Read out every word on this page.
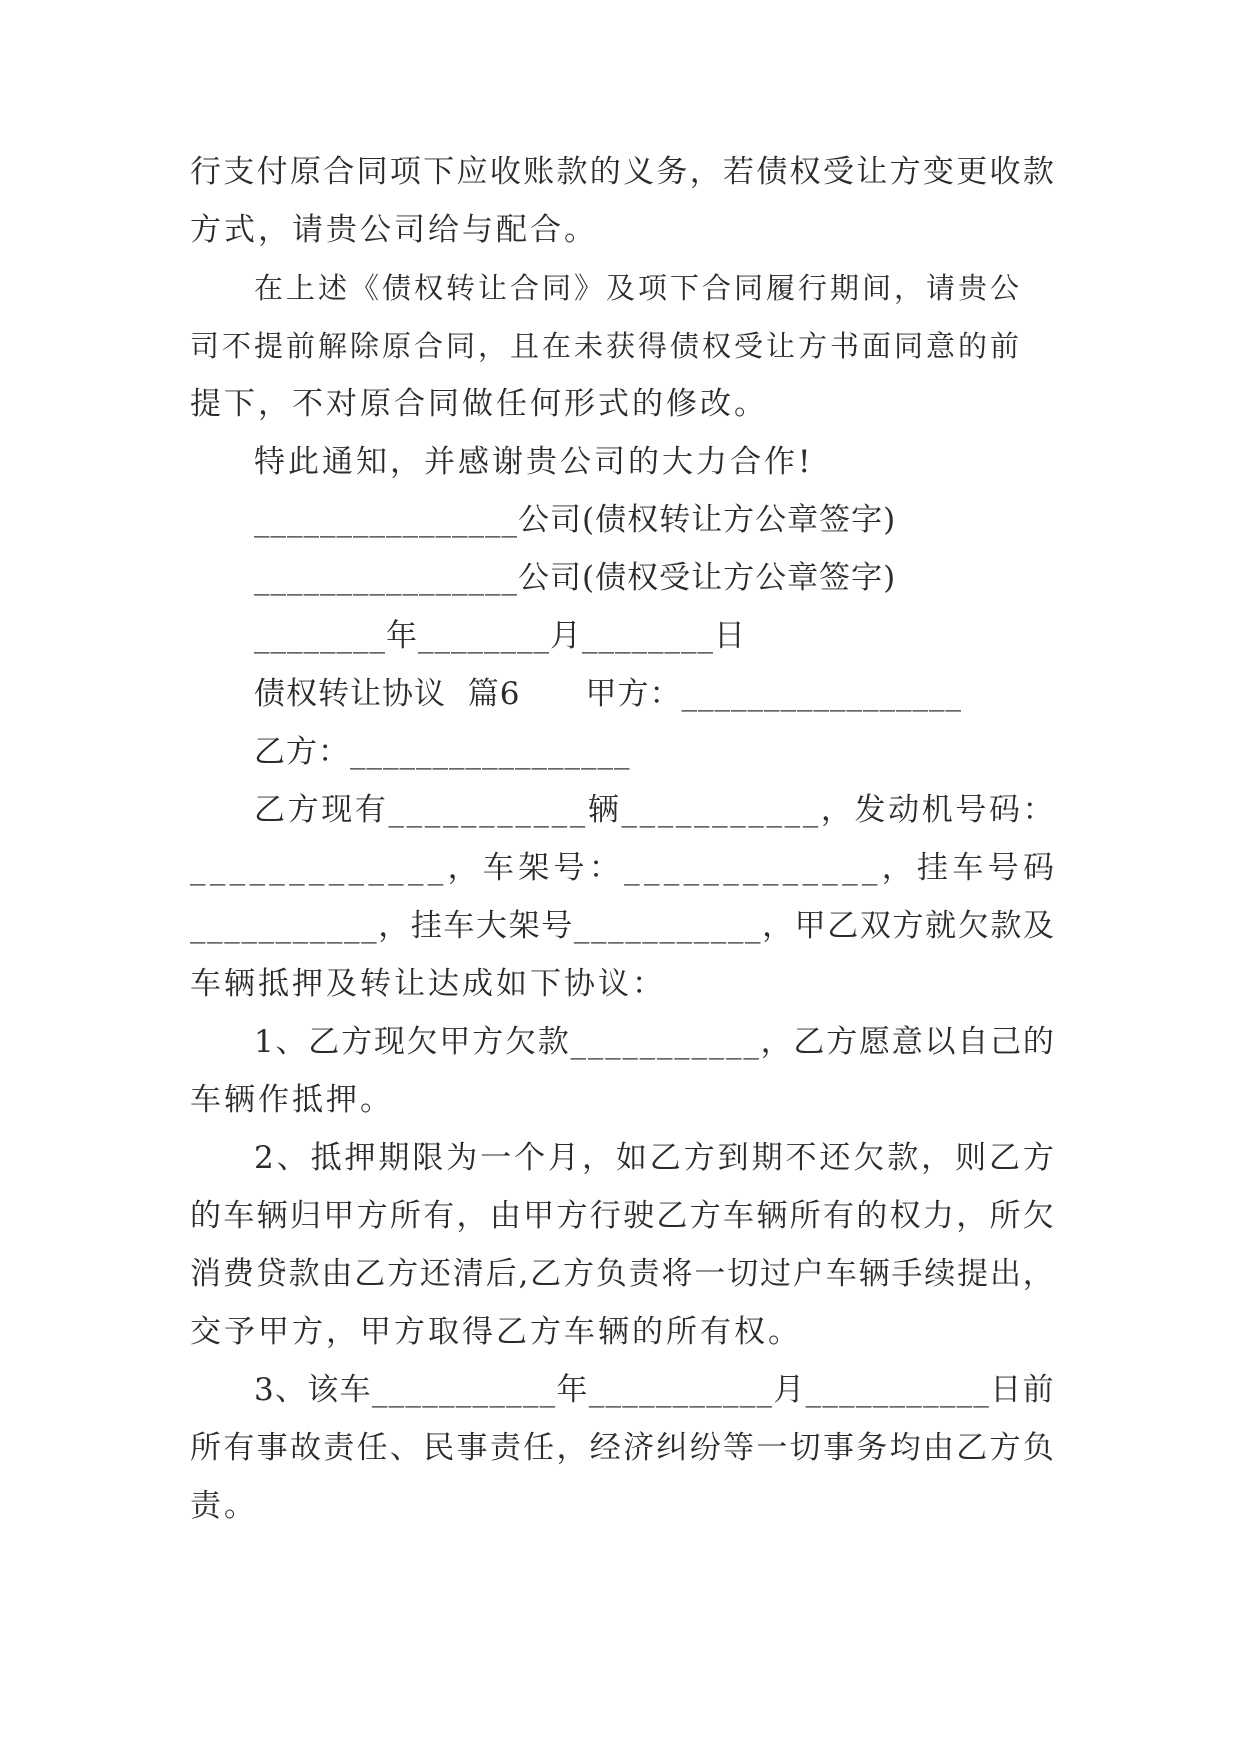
行 支 付 原 合 同 项 下 应 收 账 款 的 义 务 ， 若 债 权 受 让 方 变 更 收 款
方式，请贵公司给与配合。
在上述《债权转让合同》及项下合同履行期间，请贵公
司不提前解除原合同，且在未获得债权受让方书面同意的前
提下，不对原合同做任何形式的修改。
特此通知，并感谢贵公司的大力合作!
________________公司(债权转让方公章签字)
________________公司(债权受让方公章签字)
________年________月________日
债权转让协议  篇6      甲方：_________________
乙方：_________________
乙 方 现 有 _ _ _ _ _ _ _ _ _ _ _ 辆 _ _ _ _ _ _ _ _ _ _ _ ， 发 动 机 号 码 ：
_ _ _ _ _ _ _ _ _ _ _ _ _ ， 车 架 号 ： _ _ _ _ _ _ _ _ _ _ _ _ _ ， 挂 车 号 码
_ _ _ _ _ _ _ _ _ _ _ ， 挂 车 大 架 号 _ _ _ _ _ _ _ _ _ _ _ ， 甲 乙 双 方 就 欠 款 及
车辆抵押及转让达成如下协议：
1 、 乙 方 现 欠 甲 方 欠 款 _ _ _ _ _ _ _ _ _ _ _ ， 乙 方 愿 意 以 自 己 的
车辆作抵押。
2 、 抵 押 期 限 为 一 个 月 ， 如 乙 方 到 期 不 还 欠 款 ， 则 乙 方
的 车 辆 归 甲 方 所 有 ， 由 甲 方 行 驶 乙 方 车 辆 所 有 的 权 力 ， 所 欠
消 费 贷 款 由 乙 方 还 清 后 , 乙 方 负 责 将 一 切 过 户 车 辆 手 续 提 出 ，
交予甲方，甲方取得乙方车辆的所有权。
3 、 该 车 _ _ _ _ _ _ _ _ _ _ _ 年 _ _ _ _ _ _ _ _ _ _ _ 月 _ _ _ _ _ _ _ _ _ _ _ 日 前
所 有 事 故 责 任 、 民 事 责 任 ， 经 济 纠 纷 等 一 切 事 务 均 由 乙 方 负
责。
